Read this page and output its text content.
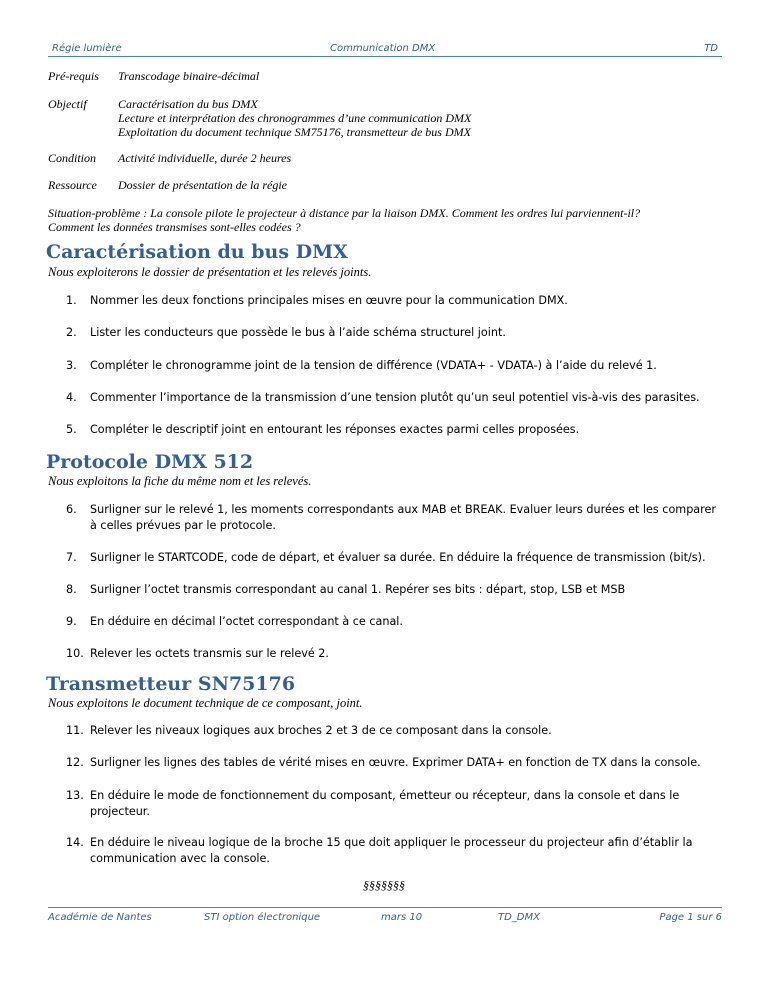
Régie lumière	Communication DMX	TD
Pré-requis Transcodage binaire-décimal
Objectif	Caractérisation du bus DMX
Lecture et interprétation des chronogrammes d’une communication DMX
Exploitation du document technique SM75176, transmetteur de bus DMX
Condition Activité individuelle, durée 2 heures
Ressource Dossier de présentation de la régie
Situation-problème : La console pilote le projecteur à distance par la liaison DMX. Comment les ordres lui parviennent-il?
Comment les données transmises sont-elles codées ?
Caractérisation du bus DMX
Nous exploiterons le dossier de présentation et les relevés joints.
1.	Nommer les deux fonctions principales mises en œuvre pour la communication DMX.
2.	Lister les conducteurs que possède le bus à l’aide schéma structurel joint.
3.	Compléter le chronogramme joint de la tension de différence (VDATA+ - VDATA-) à l’aide du relevé 1.
4.	Commenter l’importance de la transmission d’une tension plutôt qu’un seul potentiel vis-à-vis des parasites.
5.	Compléter le descriptif joint en entourant les réponses exactes parmi celles proposées.
Protocole DMX 512
Nous exploitons la fiche du même nom et les relevés.
6.	Surligner sur le relevé 1, les moments correspondants aux MAB et BREAK. Evaluer leurs durées et les comparer à celles prévues par le protocole.
7.	Surligner le STARTCODE, code de départ, et évaluer sa durée. En déduire la fréquence de transmission (bit/s).
8.	Surligner l’octet transmis correspondant au canal 1. Repérer ses bits : départ, stop, LSB et MSB
9.	En déduire en décimal l’octet correspondant à ce canal.
10. Relever les octets transmis sur le relevé 2.
Transmetteur SN75176
Nous exploitons le document technique de ce composant, joint.
11. Relever les niveaux logiques aux broches 2 et 3 de ce composant dans la console.
12. Surligner les lignes des tables de vérité mises en œuvre. Exprimer DATA+ en fonction de TX dans la console.
13. En déduire le mode de fonctionnement du composant, émetteur ou récepteur, dans la console et dans le projecteur.
14. En déduire le niveau logique de la broche 15 que doit appliquer le processeur du projecteur afin d’établir la communication avec la console.
§§§§§§§
Académie de Nantes	STI option électronique	mars 10	TD_DMX	Page 1 sur 6
